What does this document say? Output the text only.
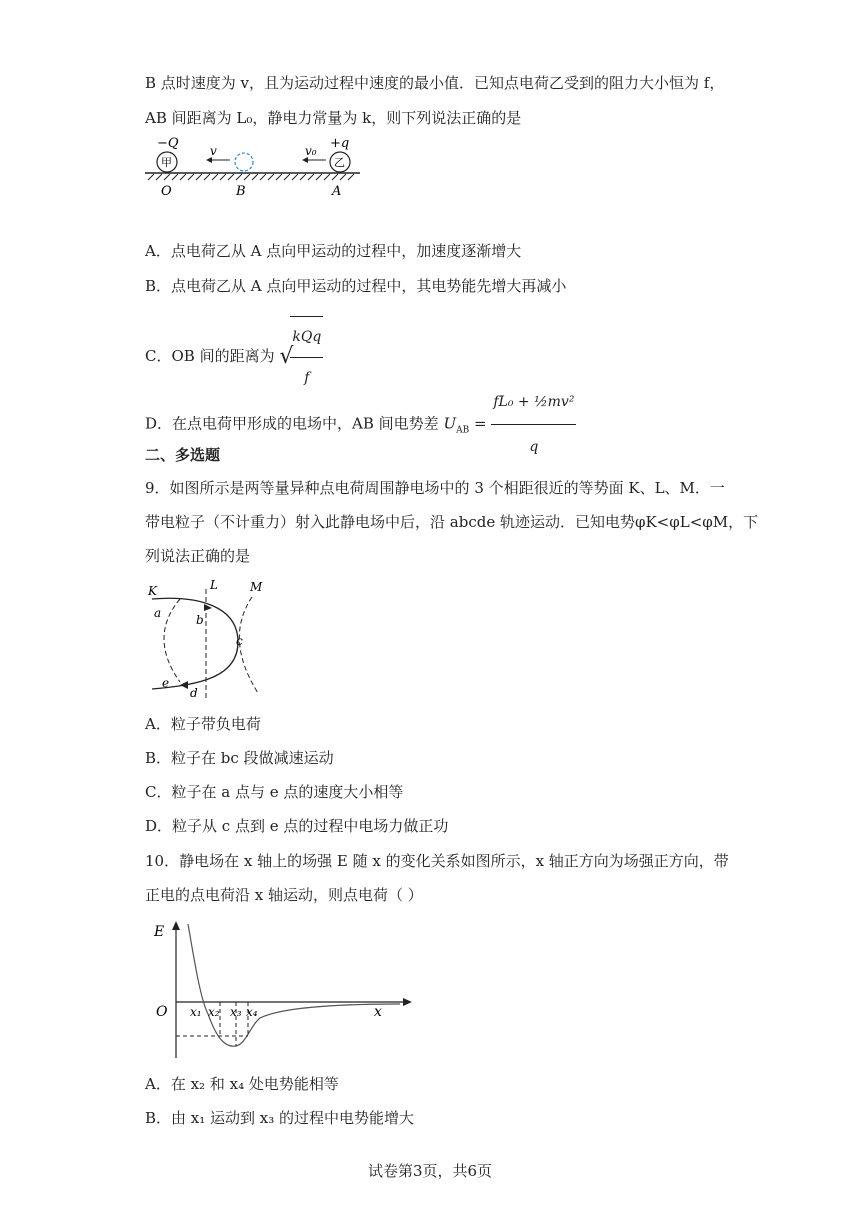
B 点时速度为 v，且为运动过程中速度的最小值．已知点电荷乙受到的阻力大小恒为 f，
AB 间距离为 L₀，静电力常量为 k，则下列说法正确的是
甲
−Q
乙
+q
v	v₀
O	B	A
A．点电荷乙从 A 点向甲运动的过程中，加速度逐渐增大
B．点电荷乙从 A 点向甲运动的过程中，其电势能先增大再减小
C．OB 间的距离为 √
$\frac{\text{kQq}}{f}$
D．在点电荷甲形成的电场中，AB 间电势差 $U_{AB} = \frac{\text{fL₀ + ½mv²}}{q}$
二、多选题
9．如图所示是两等量异种点电荷周围静电场中的 3 个相距很近的等势面 K、L、M．一
带电粒子（不计重力）射入此静电场中后，沿 abcde 轨迹运动．已知电势φK<φL<φM，下
列说法正确的是
K	L	M
a	b
c
d
e
A．粒子带负电荷
B．粒子在 bc 段做减速运动
C．粒子在 a 点与 e 点的速度大小相等
D．粒子从 c 点到 e 点的过程中电场力做正功
10．静电场在 x 轴上的场强 E 随 x 的变化关系如图所示，x 轴正方向为场强正方向，带
正电的点电荷沿 x 轴运动，则点电荷（ ）
E
O	x
x₁ x₂ x₃ x₄
A．在 x₂ 和 x₄ 处电势能相等
B．由 x₁ 运动到 x₃ 的过程中电势能增大
试卷第3页，共6页
